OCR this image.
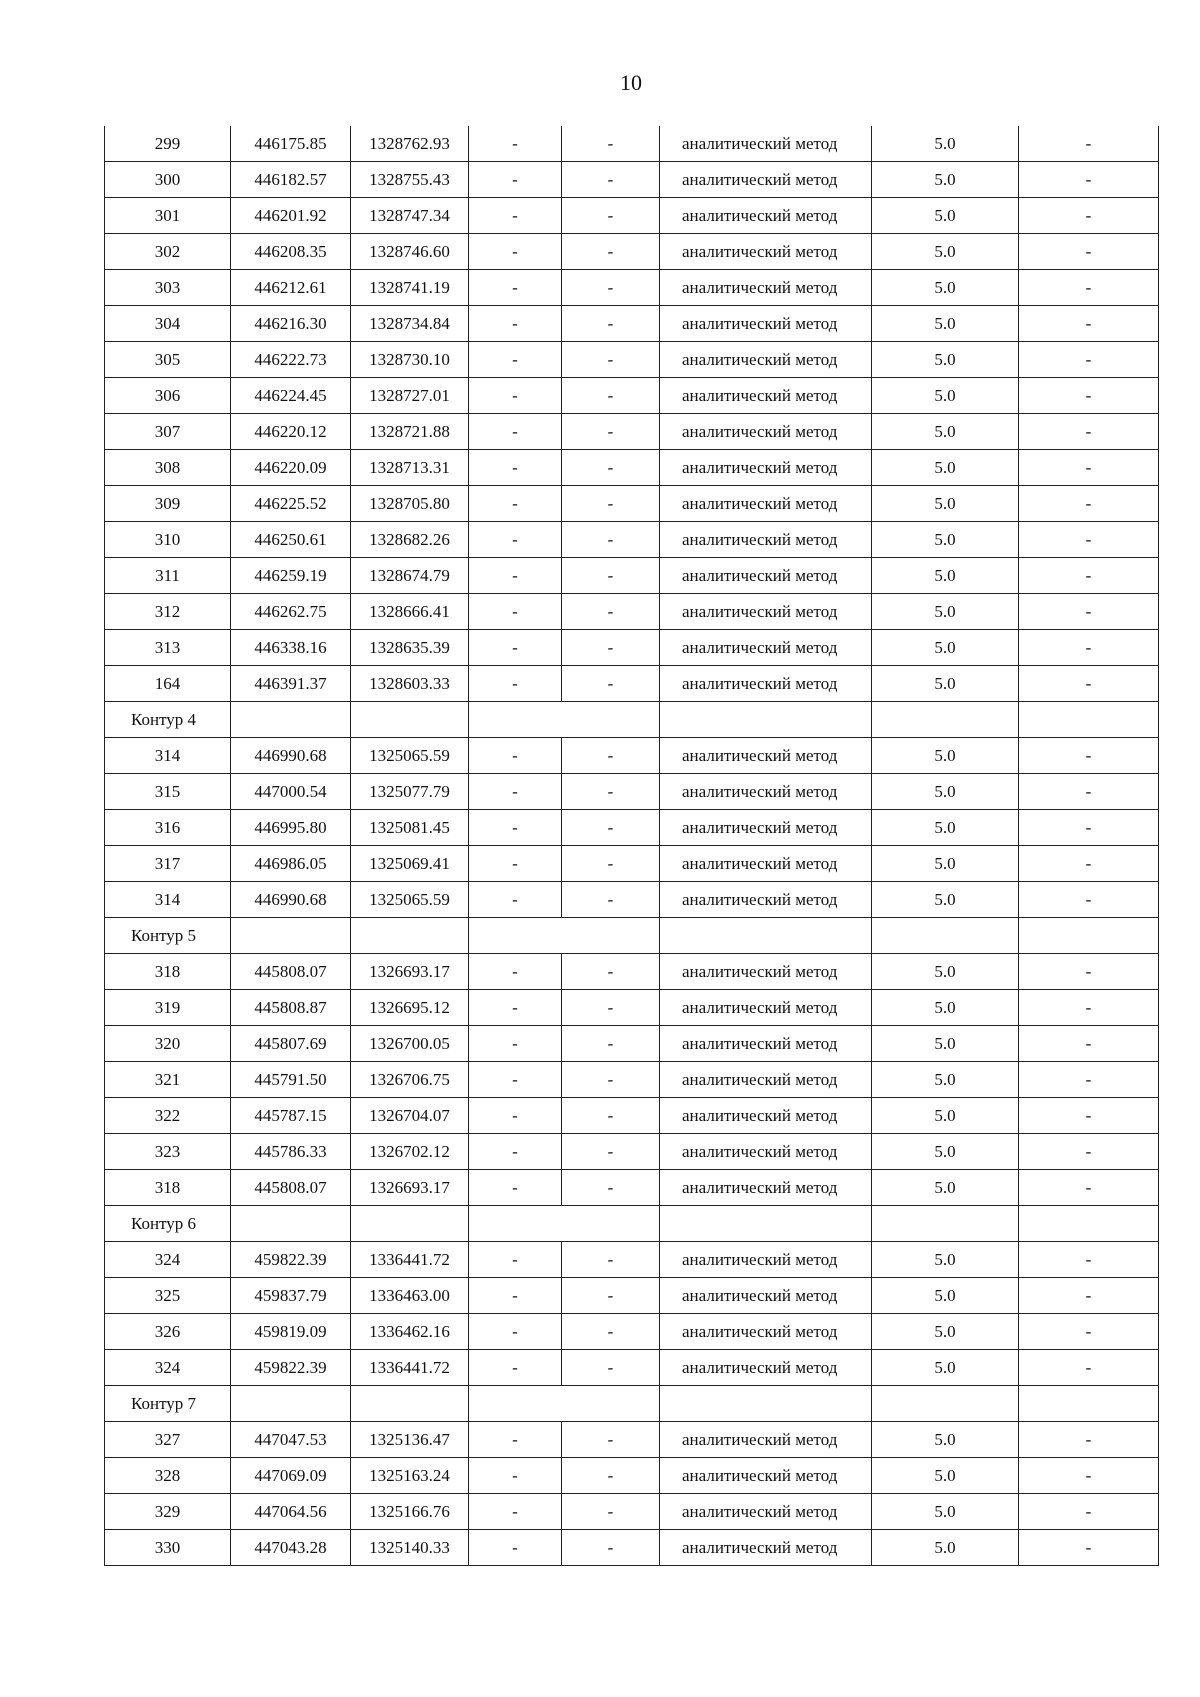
10
299	446175.85	1328762.93	-	-	аналитический метод	5.0	-
300	446182.57	1328755.43	-	-	аналитический метод	5.0	-
301	446201.92	1328747.34	-	-	аналитический метод	5.0	-
302	446208.35	1328746.60	-	-	аналитический метод	5.0	-
303	446212.61	1328741.19	-	-	аналитический метод	5.0	-
304	446216.30	1328734.84	-	-	аналитический метод	5.0	-
305	446222.73	1328730.10	-	-	аналитический метод	5.0	-
306	446224.45	1328727.01	-	-	аналитический метод	5.0	-
307	446220.12	1328721.88	-	-	аналитический метод	5.0	-
308	446220.09	1328713.31	-	-	аналитический метод	5.0	-
309	446225.52	1328705.80	-	-	аналитический метод	5.0	-
310	446250.61	1328682.26	-	-	аналитический метод	5.0	-
311	446259.19	1328674.79	-	-	аналитический метод	5.0	-
312	446262.75	1328666.41	-	-	аналитический метод	5.0	-
313	446338.16	1328635.39	-	-	аналитический метод	5.0	-
164	446391.37	1328603.33	-	-	аналитический метод	5.0	-
Контур 4							
314	446990.68	1325065.59	-	-	аналитический метод	5.0	-
315	447000.54	1325077.79	-	-	аналитический метод	5.0	-
316	446995.80	1325081.45	-	-	аналитический метод	5.0	-
317	446986.05	1325069.41	-	-	аналитический метод	5.0	-
314	446990.68	1325065.59	-	-	аналитический метод	5.0	-
Контур 5							
318	445808.07	1326693.17	-	-	аналитический метод	5.0	-
319	445808.87	1326695.12	-	-	аналитический метод	5.0	-
320	445807.69	1326700.05	-	-	аналитический метод	5.0	-
321	445791.50	1326706.75	-	-	аналитический метод	5.0	-
322	445787.15	1326704.07	-	-	аналитический метод	5.0	-
323	445786.33	1326702.12	-	-	аналитический метод	5.0	-
318	445808.07	1326693.17	-	-	аналитический метод	5.0	-
Контур 6							
324	459822.39	1336441.72	-	-	аналитический метод	5.0	-
325	459837.79	1336463.00	-	-	аналитический метод	5.0	-
326	459819.09	1336462.16	-	-	аналитический метод	5.0	-
324	459822.39	1336441.72	-	-	аналитический метод	5.0	-
Контур 7							
327	447047.53	1325136.47	-	-	аналитический метод	5.0	-
328	447069.09	1325163.24	-	-	аналитический метод	5.0	-
329	447064.56	1325166.76	-	-	аналитический метод	5.0	-
330	447043.28	1325140.33	-	-	аналитический метод	5.0	-
